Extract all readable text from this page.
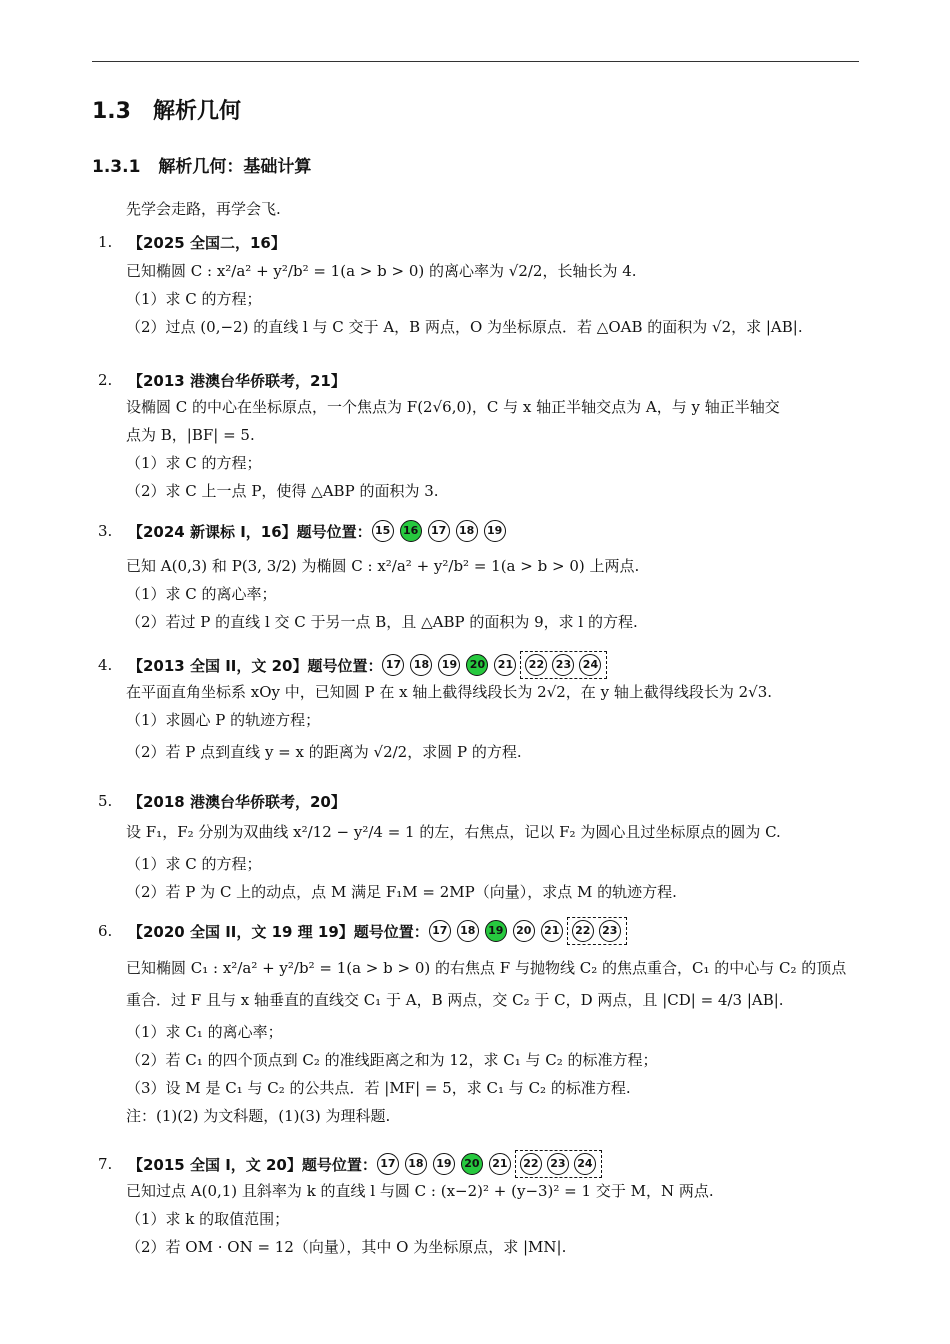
1.3 解析几何
1.3.1 解析几何：基础计算
先学会走路，再学会飞.
1.	【2025 全国二，16】
已知椭圆 C : x²/a² + y²/b² = 1(a > b > 0) 的离心率为 √2/2，长轴长为 4.
（1）求 C 的方程；
（2）过点 (0,−2) 的直线 l 与 C 交于 A，B 两点，O 为坐标原点．若 △OAB 的面积为 √2，求 |AB|.
2.	【2013 港澳台华侨联考，21】
设椭圆 C 的中心在坐标原点，一个焦点为 F(2√6,0)，C 与 x 轴正半轴交点为 A，与 y 轴正半轴交
点为 B，|BF| = 5.
（1）求 C 的方程；
（2）求 C 上一点 P，使得 △ABP 的面积为 3.
3.	【2024 新课标 I，16】题号位置： 15	16	17	18	19
已知 A(0,3) 和 P(3, 3/2) 为椭圆 C : x²/a² + y²/b² = 1(a > b > 0) 上两点.
（1）求 C 的离心率；
（2）若过 P 的直线 l 交 C 于另一点 B，且 △ABP 的面积为 9，求 l 的方程.
4.	【2013 全国 II，文 20】题号位置： 17	18	19	20	21	22	23	24
在平面直角坐标系 xOy 中，已知圆 P 在 x 轴上截得线段长为 2√2，在 y 轴上截得线段长为 2√3.
（1）求圆心 P 的轨迹方程；
（2）若 P 点到直线 y = x 的距离为 √2/2，求圆 P 的方程.
5.	【2018 港澳台华侨联考，20】
设 F₁，F₂ 分别为双曲线 x²/12 − y²/4 = 1 的左，右焦点，记以 F₂ 为圆心且过坐标原点的圆为 C.
（1）求 C 的方程；
（2）若 P 为 C 上的动点，点 M 满足 F₁M = 2MP（向量），求点 M 的轨迹方程.
6.	【2020 全国 II，文 19 理 19】题号位置： 17	18	19	20	21	22	23
已知椭圆 C₁ : x²/a² + y²/b² = 1(a > b > 0) 的右焦点 F 与抛物线 C₂ 的焦点重合，C₁ 的中心与 C₂ 的顶点
重合．过 F 且与 x 轴垂直的直线交 C₁ 于 A，B 两点，交 C₂ 于 C，D 两点，且 |CD| = 4/3 |AB|.
（1）求 C₁ 的离心率；
（2）若 C₁ 的四个顶点到 C₂ 的准线距离之和为 12，求 C₁ 与 C₂ 的标准方程；
（3）设 M 是 C₁ 与 C₂ 的公共点．若 |MF| = 5，求 C₁ 与 C₂ 的标准方程.
注：(1)(2) 为文科题，(1)(3) 为理科题.
7.	【2015 全国 I，文 20】题号位置： 17	18	19	20	21	22	23	24
已知过点 A(0,1) 且斜率为 k 的直线 l 与圆 C : (x−2)² + (y−3)² = 1 交于 M，N 两点.
（1）求 k 的取值范围；
（2）若 OM · ON = 12（向量），其中 O 为坐标原点，求 |MN|.
